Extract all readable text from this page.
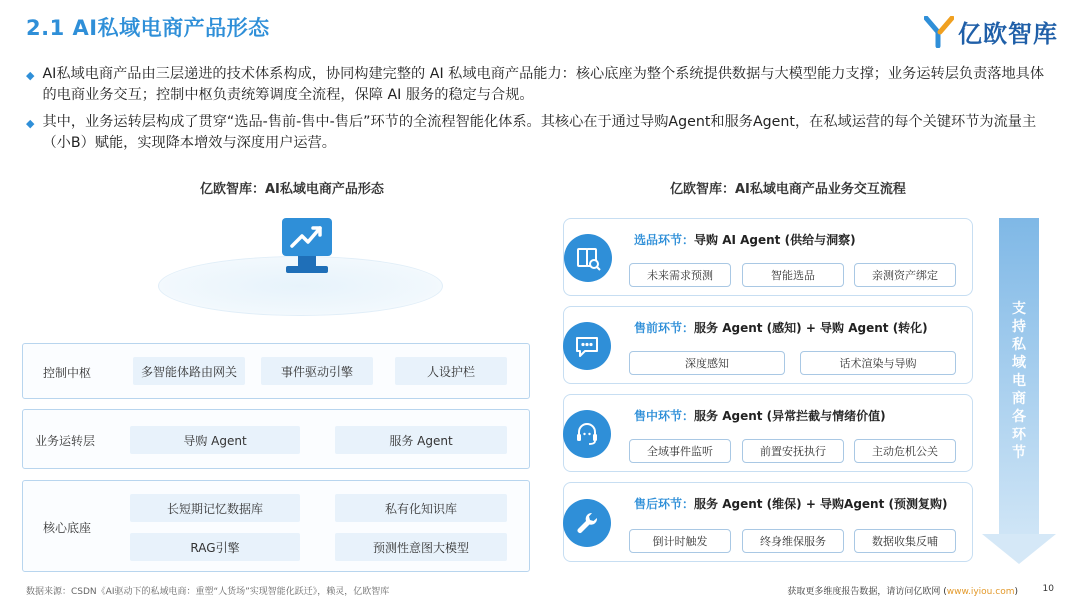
2.1 AI私域电商产品形态	亿欧智库
◆ AI私域电商产品由三层递进的技术体系构成，协同构建完整的 AI 私域电商产品能力：核心底座为整个系统提供数据与大模型能力支撑；业务运转层负责落地具体的电商业务交互；控制中枢负责统筹调度全流程，保障 AI 服务的稳定与合规。
◆ 其中，业务运转层构成了贯穿“选品-售前-售中-售后”环节的全流程智能化体系。其核心在于通过导购Agent和服务Agent，在私域运营的每个关键环节为流量主（小B）赋能，实现降本增效与深度用户运营。
亿欧智库：AI私域电商产品形态
控制中枢	多智能体路由网关	事件驱动引擎	人设护栏
业务运转层	导购 Agent	服务 Agent
核心底座
长短期记忆数据库	私有化知识库
RAG引擎	预测性意图大模型
亿欧智库：AI私域电商产品业务交互流程
选品环节：导购 AI Agent (供给与洞察)
未来需求预测	智能选品	亲测资产绑定
售前环节：服务 Agent (感知) + 导购 Agent (转化)
深度感知	话术渲染与导购
售中环节：服务 Agent (异常拦截与情绪价值)
全域事件监听	前置安抚执行	主动危机公关
售后环节：服务 Agent (维保) + 导购Agent (预测复购)
倒计时触发	终身维保服务	数据收集反哺
支持私域电商各环节
数据来源：CSDN《AI驱动下的私域电商：重塑“人货场”实现智能化跃迁》，赖灵，亿欧智库	获取更多维度报告数据，请访问亿欧网 (www.iyiou.com)	10
